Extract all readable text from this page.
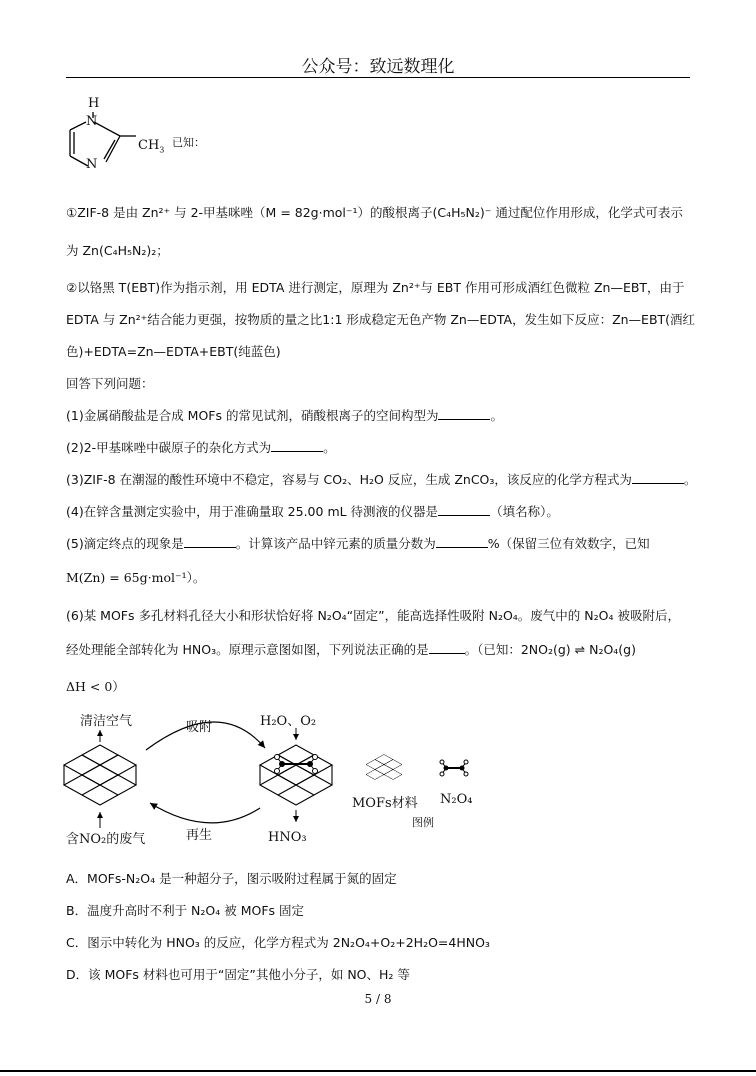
公众号：致远数理化
H
N
N
$CH_3$
已知：
①ZIF-8 是由 Zn²⁺ 与 2-甲基咪唑（M = 82g·mol⁻¹）的酸根离子(C₄H₅N₂)⁻ 通过配位作用形成，化学式可表示
为 Zn(C₄H₅N₂)₂；
②以铬黑 T(EBT)作为指示剂，用 EDTA 进行测定，原理为 Zn²⁺与 EBT 作用可形成酒红色微粒 Zn—EBT，由于
EDTA 与 Zn²⁺结合能力更强，按物质的量之比1:1 形成稳定无色产物 Zn—EDTA，发生如下反应：Zn—EBT(酒红
色)+EDTA=Zn—EDTA+EBT(纯蓝色)
回答下列问题：
(1)金属硝酸盐是合成 MOFs 的常见试剂，硝酸根离子的空间构型为	。
(2)2-甲基咪唑中碳原子的杂化方式为	。
(3)ZIF-8 在潮湿的酸性环境中不稳定，容易与 CO₂、H₂O 反应，生成 ZnCO₃，该反应的化学方程式为	。
(4)在锌含量测定实验中，用于准确量取 25.00 mL 待测液的仪器是	（填名称）。
(5)滴定终点的现象是	。计算该产品中锌元素的质量分数为	%（保留三位有效数字，已知
M(Zn) = 65g·mol⁻¹）。
(6)某 MOFs 多孔材料孔径大小和形状恰好将 N₂O₄“固定”，能高选择性吸附 N₂O₄。废气中的 N₂O₄ 被吸附后，
经处理能全部转化为 HNO₃。原理示意图如图，下列说法正确的是	。（已知：2NO₂(g) ⇌ N₂O₄(g)
ΔH < 0）
清洁空气	吸附	H₂O、O₂
含NO₂的废气	再生	HNO₃
MOFs材料 N₂O₄
图例
A．MOFs-N₂O₄ 是一种超分子，图示吸附过程属于氮的固定
B．温度升高时不利于 N₂O₄ 被 MOFs 固定
C．图示中转化为 HNO₃ 的反应，化学方程式为 2N₂O₄+O₂+2H₂O=4HNO₃
D．该 MOFs 材料也可用于“固定”其他小分子，如 NO、H₂ 等
5 / 8
